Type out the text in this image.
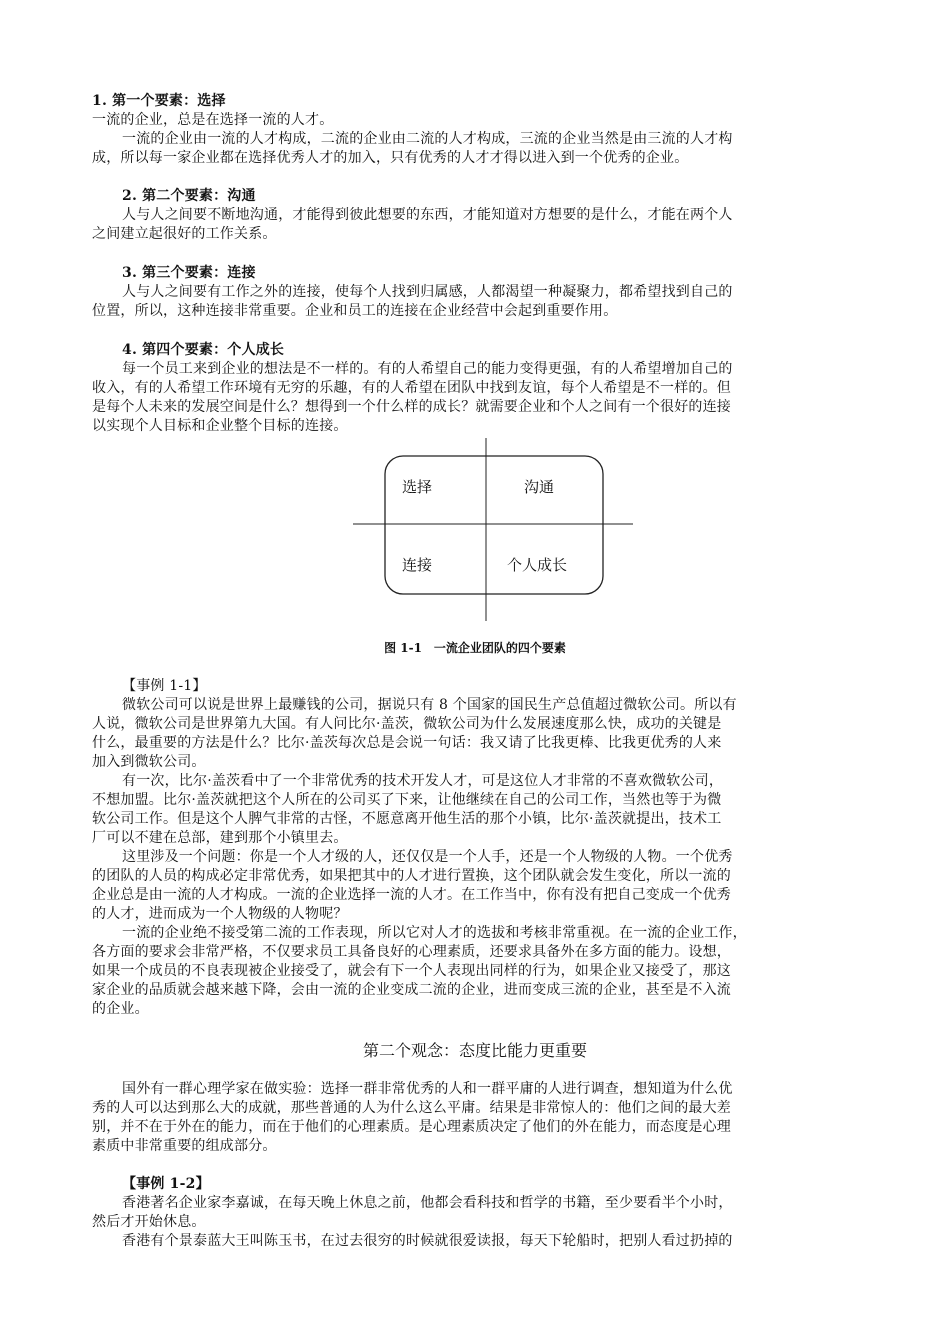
1. 第一个要素：选择
一流的企业，总是在选择一流的人才。
一流的企业由一流的人才构成，二流的企业由二流的人才构成，三流的企业当然是由三流的人才构
成，所以每一家企业都在选择优秀人才的加入，只有优秀的人才才得以进入到一个优秀的企业。
2. 第二个要素：沟通
人与人之间要不断地沟通，才能得到彼此想要的东西，才能知道对方想要的是什么，才能在两个人
之间建立起很好的工作关系。
3. 第三个要素：连接
人与人之间要有工作之外的连接，使每个人找到归属感，人都渴望一种凝聚力，都希望找到自己的
位置，所以，这种连接非常重要。企业和员工的连接在企业经营中会起到重要作用。
4. 第四个要素：个人成长
每一个员工来到企业的想法是不一样的。有的人希望自己的能力变得更强，有的人希望增加自己的
收入，有的人希望工作环境有无穷的乐趣，有的人希望在团队中找到友谊，每个人希望是不一样的。但
是每个人未来的发展空间是什么？想得到一个什么样的成长？就需要企业和个人之间有一个很好的连接
以实现个人目标和企业整个目标的连接。
选择	沟通
连接	个人成长
图 1-1　一流企业团队的四个要素
【事例 1-1】
微软公司可以说是世界上最赚钱的公司，据说只有 8 个国家的国民生产总值超过微软公司。所以有
人说，微软公司是世界第九大国。有人问比尔·盖茨，微软公司为什么发展速度那么快，成功的关键是
什么，最重要的方法是什么？比尔·盖茨每次总是会说一句话：我又请了比我更棒、比我更优秀的人来
加入到微软公司。
有一次，比尔·盖茨看中了一个非常优秀的技术开发人才，可是这位人才非常的不喜欢微软公司，
不想加盟。比尔·盖茨就把这个人所在的公司买了下来，让他继续在自己的公司工作，当然也等于为微
软公司工作。但是这个人脾气非常的古怪，不愿意离开他生活的那个小镇，比尔·盖茨就提出，技术工
厂可以不建在总部，建到那个小镇里去。
这里涉及一个问题：你是一个人才级的人，还仅仅是一个人手，还是一个人物级的人物。一个优秀
的团队的人员的构成必定非常优秀，如果把其中的人才进行置换，这个团队就会发生变化，所以一流的
企业总是由一流的人才构成。一流的企业选择一流的人才。在工作当中，你有没有把自己变成一个优秀
的人才，进而成为一个人物级的人物呢？
一流的企业绝不接受第二流的工作表现，所以它对人才的选拔和考核非常重视。在一流的企业工作，
各方面的要求会非常严格，不仅要求员工具备良好的心理素质，还要求具备外在多方面的能力。设想，
如果一个成员的不良表现被企业接受了，就会有下一个人表现出同样的行为，如果企业又接受了，那这
家企业的品质就会越来越下降，会由一流的企业变成二流的企业，进而变成三流的企业，甚至是不入流
的企业。
第二个观念：态度比能力更重要
国外有一群心理学家在做实验：选择一群非常优秀的人和一群平庸的人进行调查，想知道为什么优
秀的人可以达到那么大的成就，那些普通的人为什么这么平庸。结果是非常惊人的：他们之间的最大差
别，并不在于外在的能力，而在于他们的心理素质。是心理素质决定了他们的外在能力，而态度是心理
素质中非常重要的组成部分。
【事例 1-2】
香港著名企业家李嘉诚，在每天晚上休息之前，他都会看科技和哲学的书籍，至少要看半个小时，
然后才开始休息。
香港有个景泰蓝大王叫陈玉书，在过去很穷的时候就很爱读报，每天下轮船时，把别人看过扔掉的
